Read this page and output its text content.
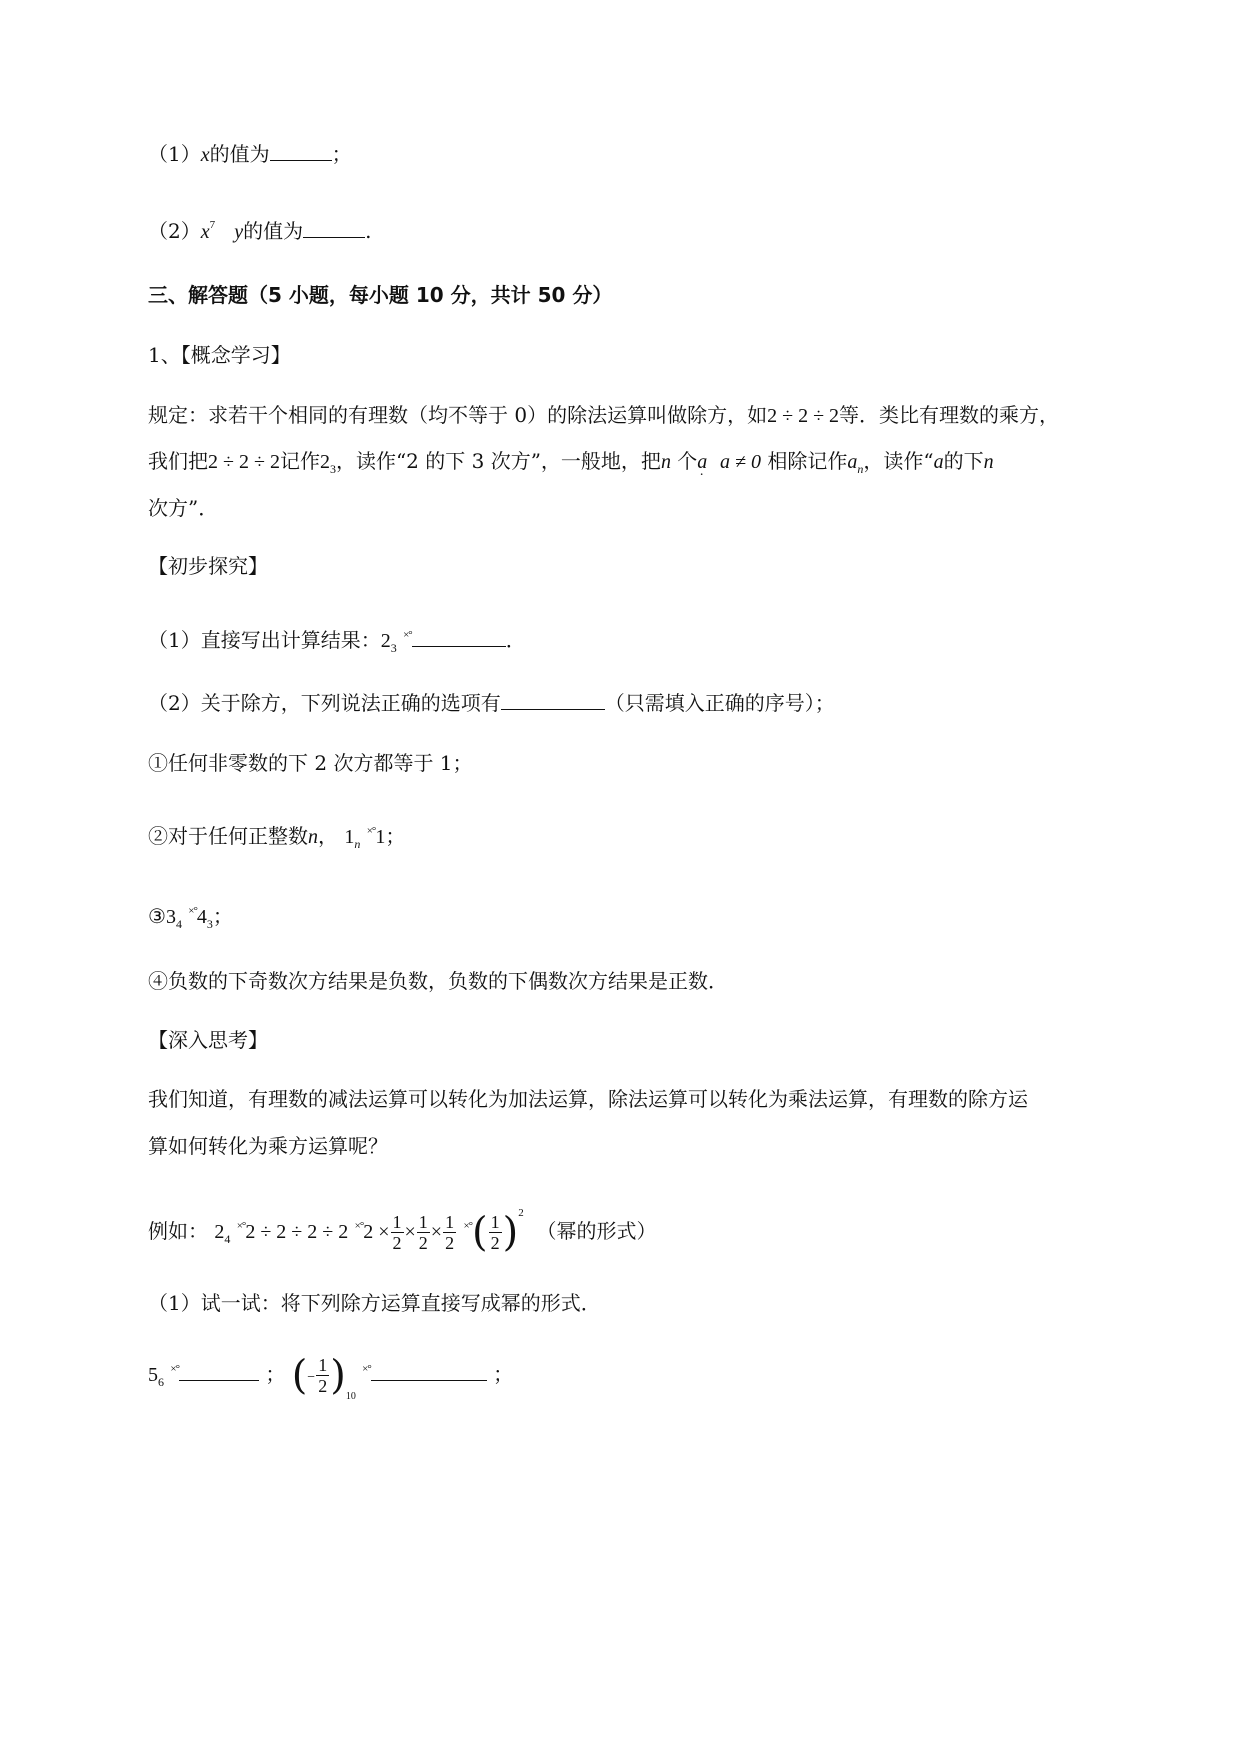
（1）x的值为	；
$(2)x^7$ y的值为	.
三、解答题（5 小题，每小题 10 分，共计 50 分）
1、【概念学习】
规定：求若干个相同的有理数（均不等于 0）的除法运算叫做除方，如2 ÷ 2 ÷ 2等．类比有理数的乘方，
我们把2 ÷ 2 ÷ 2记作$2_3$，读作“2 的下 3 次方”，一般地，把n 个a . a ≠ 0 相除记作$a_n$，读作“a的下n
次方”．
【初步探究】
（1）直接写出计算结果：$2_3$ ×°	．
（2）关于除方，下列说法正确的选项有	（只需填入正确的序号）；
①任何非零数的下 2 次方都等于 1；
②对于任何正整数n， $1_n$ ×°1；
$③3_4$ $^{\times^\circ}4_3$；
④负数的下奇数次方结果是负数，负数的下偶数次方结果是正数．
【深入思考】
我们知道，有理数的减法运算可以转化为加法运算，除法运算可以转化为乘法运算，有理数的除方运
算如何转化为乘方运算呢？
例如： $2_4$ ×°2 ÷ 2 ÷ 2 ÷ 2 $^{\times^\circ}2 \times \frac{1}{2} \times \frac{1}{2} \times \frac{1}{2} ^{\times^\circ}( \frac{1}{2} )^2$  （幂的形式）
（1）试一试：将下列除方运算直接写成幂的形式．
$5_6$ ×°	； (− $\frac{1}{2} )_{10}$ ×°	；
